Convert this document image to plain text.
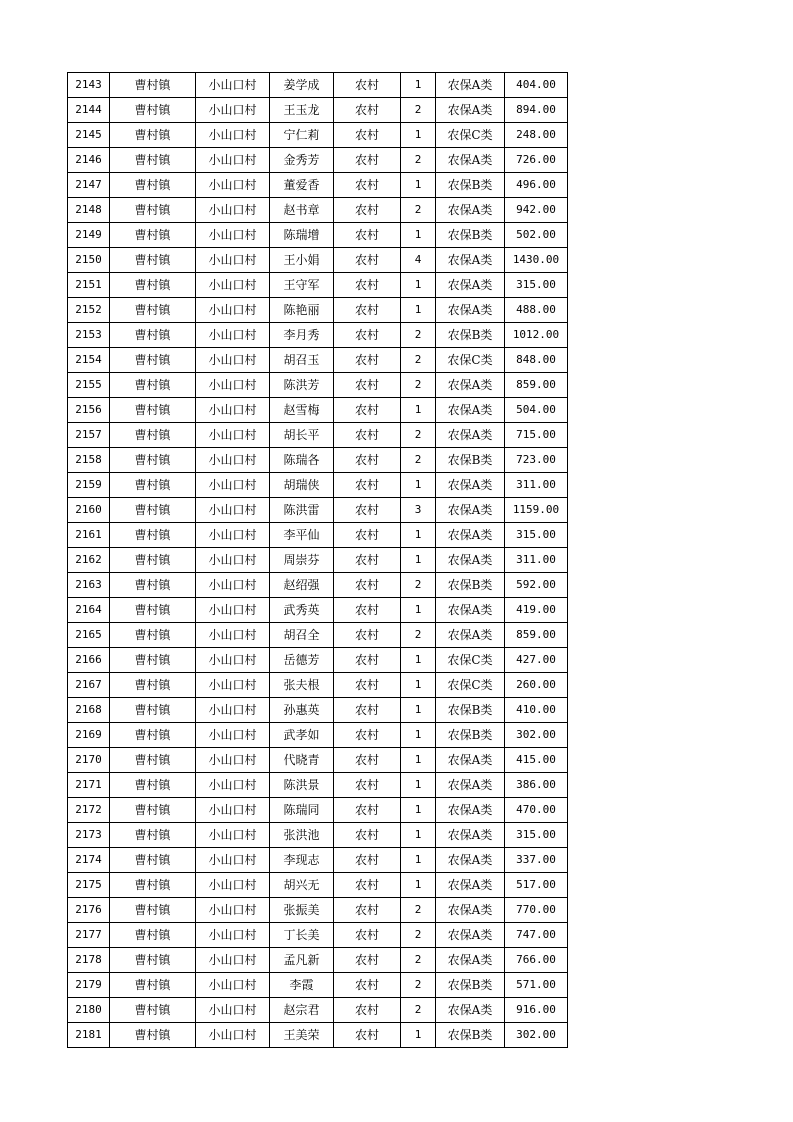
2143	曹村镇	小山口村	姜学成	农村	1	农保A类	404.00
2144	曹村镇	小山口村	王玉龙	农村	2	农保A类	894.00
2145	曹村镇	小山口村	宁仁莉	农村	1	农保C类	248.00
2146	曹村镇	小山口村	金秀芳	农村	2	农保A类	726.00
2147	曹村镇	小山口村	董爱香	农村	1	农保B类	496.00
2148	曹村镇	小山口村	赵书章	农村	2	农保A类	942.00
2149	曹村镇	小山口村	陈瑞增	农村	1	农保B类	502.00
2150	曹村镇	小山口村	王小娟	农村	4	农保A类	1430.00
2151	曹村镇	小山口村	王守军	农村	1	农保A类	315.00
2152	曹村镇	小山口村	陈艳丽	农村	1	农保A类	488.00
2153	曹村镇	小山口村	李月秀	农村	2	农保B类	1012.00
2154	曹村镇	小山口村	胡召玉	农村	2	农保C类	848.00
2155	曹村镇	小山口村	陈洪芳	农村	2	农保A类	859.00
2156	曹村镇	小山口村	赵雪梅	农村	1	农保A类	504.00
2157	曹村镇	小山口村	胡长平	农村	2	农保A类	715.00
2158	曹村镇	小山口村	陈瑞各	农村	2	农保B类	723.00
2159	曹村镇	小山口村	胡瑞侠	农村	1	农保A类	311.00
2160	曹村镇	小山口村	陈洪雷	农村	3	农保A类	1159.00
2161	曹村镇	小山口村	李平仙	农村	1	农保A类	315.00
2162	曹村镇	小山口村	周崇芬	农村	1	农保A类	311.00
2163	曹村镇	小山口村	赵绍强	农村	2	农保B类	592.00
2164	曹村镇	小山口村	武秀英	农村	1	农保A类	419.00
2165	曹村镇	小山口村	胡召全	农村	2	农保A类	859.00
2166	曹村镇	小山口村	岳德芳	农村	1	农保C类	427.00
2167	曹村镇	小山口村	张夫根	农村	1	农保C类	260.00
2168	曹村镇	小山口村	孙惠英	农村	1	农保B类	410.00
2169	曹村镇	小山口村	武孝如	农村	1	农保B类	302.00
2170	曹村镇	小山口村	代晓青	农村	1	农保A类	415.00
2171	曹村镇	小山口村	陈洪景	农村	1	农保A类	386.00
2172	曹村镇	小山口村	陈瑞同	农村	1	农保A类	470.00
2173	曹村镇	小山口村	张洪池	农村	1	农保A类	315.00
2174	曹村镇	小山口村	李现志	农村	1	农保A类	337.00
2175	曹村镇	小山口村	胡兴无	农村	1	农保A类	517.00
2176	曹村镇	小山口村	张振美	农村	2	农保A类	770.00
2177	曹村镇	小山口村	丁长美	农村	2	农保A类	747.00
2178	曹村镇	小山口村	孟凡新	农村	2	农保A类	766.00
2179	曹村镇	小山口村	李霞	农村	2	农保B类	571.00
2180	曹村镇	小山口村	赵宗君	农村	2	农保A类	916.00
2181	曹村镇	小山口村	王美荣	农村	1	农保B类	302.00
